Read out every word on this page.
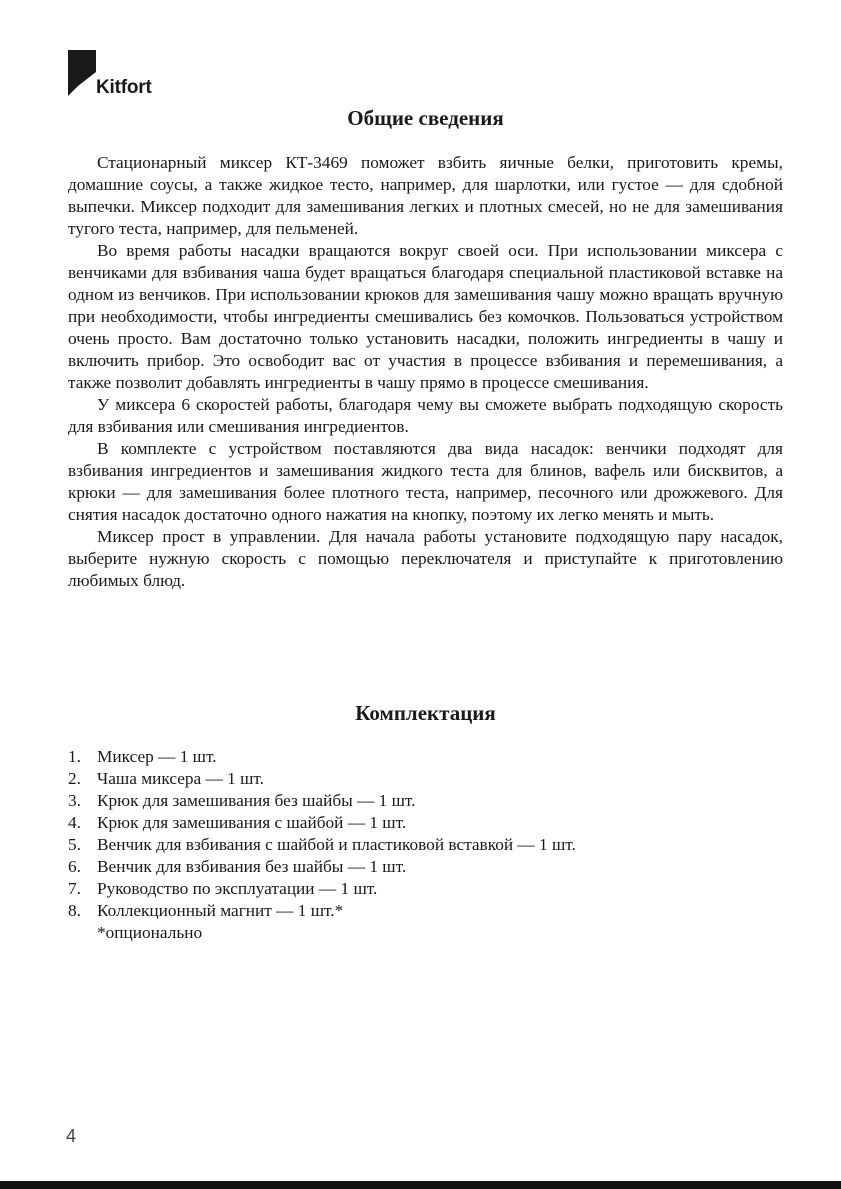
Kitfort
Общие сведения

Стационарный миксер КТ-3469 поможет взбить яичные белки, приготовить кремы, домашние соусы, а также жидкое тесто, например, для шарлотки, или густое — для сдобной выпечки. Миксер подходит для замешивания легких и плотных смесей, но не для замешивания тугого теста, например, для пельменей.

Во время работы насадки вращаются вокруг своей оси. При использовании миксера с венчиками для взбивания чаша будет вращаться благодаря специальной пластиковой вставке на одном из венчиков. При использовании крюков для замешивания чашу можно вращать вручную при необходимости, чтобы ингредиенты смешивались без комочков. Пользоваться устройством очень просто. Вам достаточно только установить насадки, положить ингредиенты в чашу и включить прибор. Это освободит вас от участия в процессе взбивания и перемешивания, а также позволит добавлять ингредиенты в чашу прямо в процессе смешивания.

У миксера 6 скоростей работы, благодаря чему вы сможете выбрать подходящую скорость для взбивания или смешивания ингредиентов.

В комплекте с устройством поставляются два вида насадок: венчики подходят для взбивания ингредиентов и замешивания жидкого теста для блинов, вафель или бисквитов, а крюки — для замешивания более плотного теста, например, песочного или дрожжевого. Для снятия насадок достаточно одного нажатия на кнопку, поэтому их легко менять и мыть.

Миксер прост в управлении. Для начала работы установите подходящую пару насадок, выберите нужную скорость с помощью переключателя и приступайте к приготовлению любимых блюд.

Комплектация
1. Миксер — 1 шт.
2. Чаша миксера — 1 шт.
3. Крюк для замешивания без шайбы — 1 шт.
4. Крюк для замешивания с шайбой — 1 шт.
5. Венчик для взбивания с шайбой и пластиковой вставкой — 1 шт.
6. Венчик для взбивания без шайбы — 1 шт.
7. Руководство по эксплуатации — 1 шт.
8. Коллекционный магнит — 1 шт.*
*опционально
4
